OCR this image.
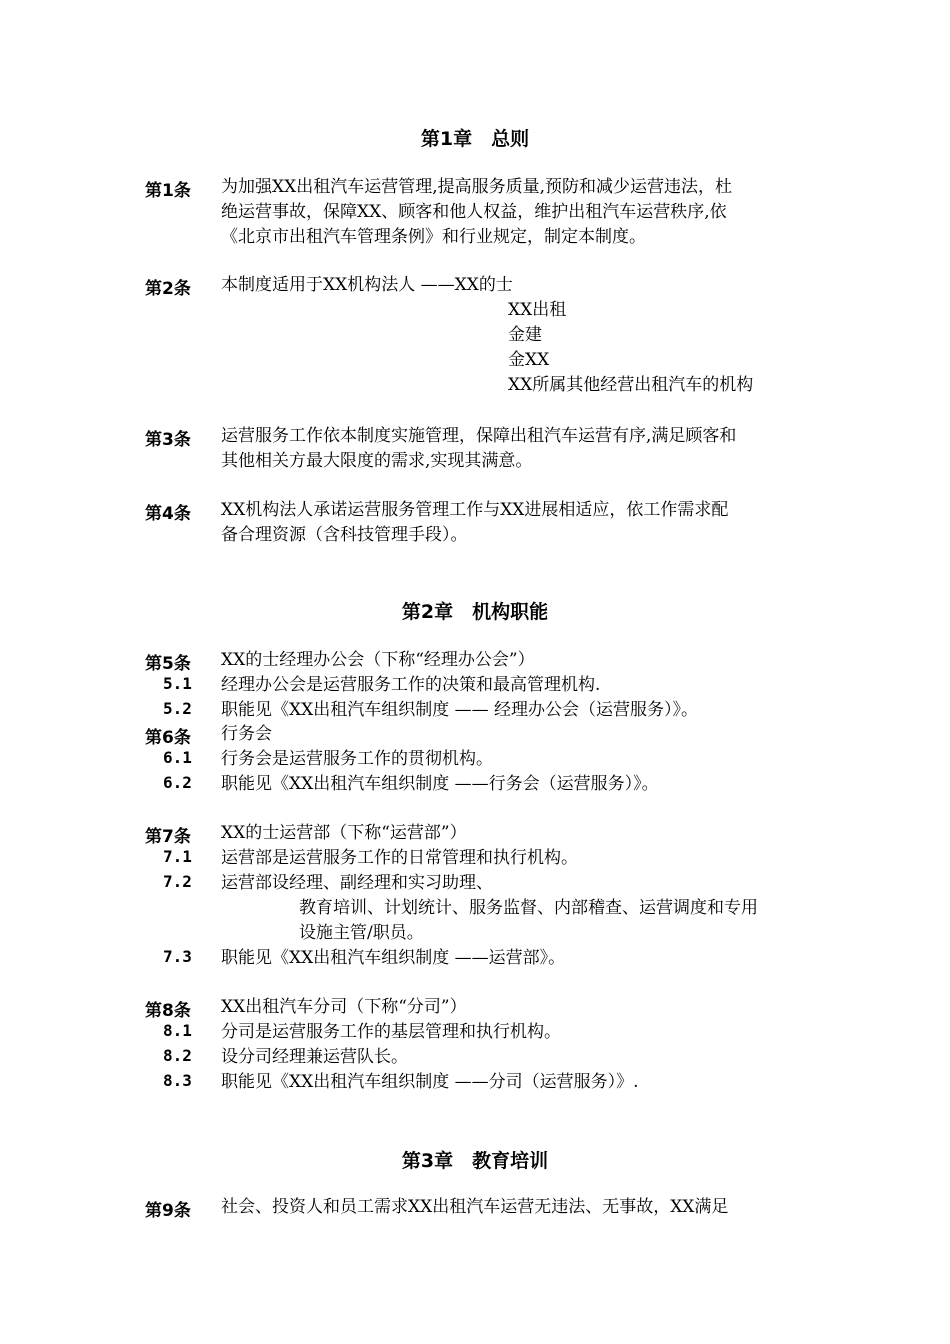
第1章　总则
第1条	为加强XX出租汽车运营管理,提高服务质量,预防和减少运营违法，杜
绝运营事故，保障XX、顾客和他人权益，维护出租汽车运营秩序,依
《北京市出租汽车管理条例》和行业规定，制定本制度。
第2条	本制度适用于XX机构法人 ——XX的士
XX出租
金建
金XX
XX所属其他经营出租汽车的机构
第3条	运营服务工作依本制度实施管理，保障出租汽车运营有序,满足顾客和
其他相关方最大限度的需求,实现其满意。
第4条	XX机构法人承诺运营服务管理工作与XX进展相适应，依工作需求配
备合理资源（含科技管理手段）。
第2章　机构职能
第5条	XX的士经理办公会（下称“经理办公会”）
5.1	经理办公会是运营服务工作的决策和最高管理机构.
5.2	职能见《XX出租汽车组织制度 —— 经理办公会（运营服务）》。
第6条	行务会
6.1	行务会是运营服务工作的贯彻机构。
6.2	职能见《XX出租汽车组织制度 ——行务会（运营服务）》。
第7条	XX的士运营部（下称“运营部”）
7.1	运营部是运营服务工作的日常管理和执行机构。
7.2	运营部设经理、副经理和实习助理、
教育培训、计划统计、服务监督、内部稽查、运营调度和专用
设施主管/职员。
7.3	职能见《XX出租汽车组织制度 ——运营部》。
第8条	XX出租汽车分司（下称“分司”）
8.1	分司是运营服务工作的基层管理和执行机构。
8.2	设分司经理兼运营队长。
8.3	职能见《XX出租汽车组织制度 ——分司（运营服务）》.
第3章　教育培训
第9条	社会、投资人和员工需求XX出租汽车运营无违法、无事故，XX满足
